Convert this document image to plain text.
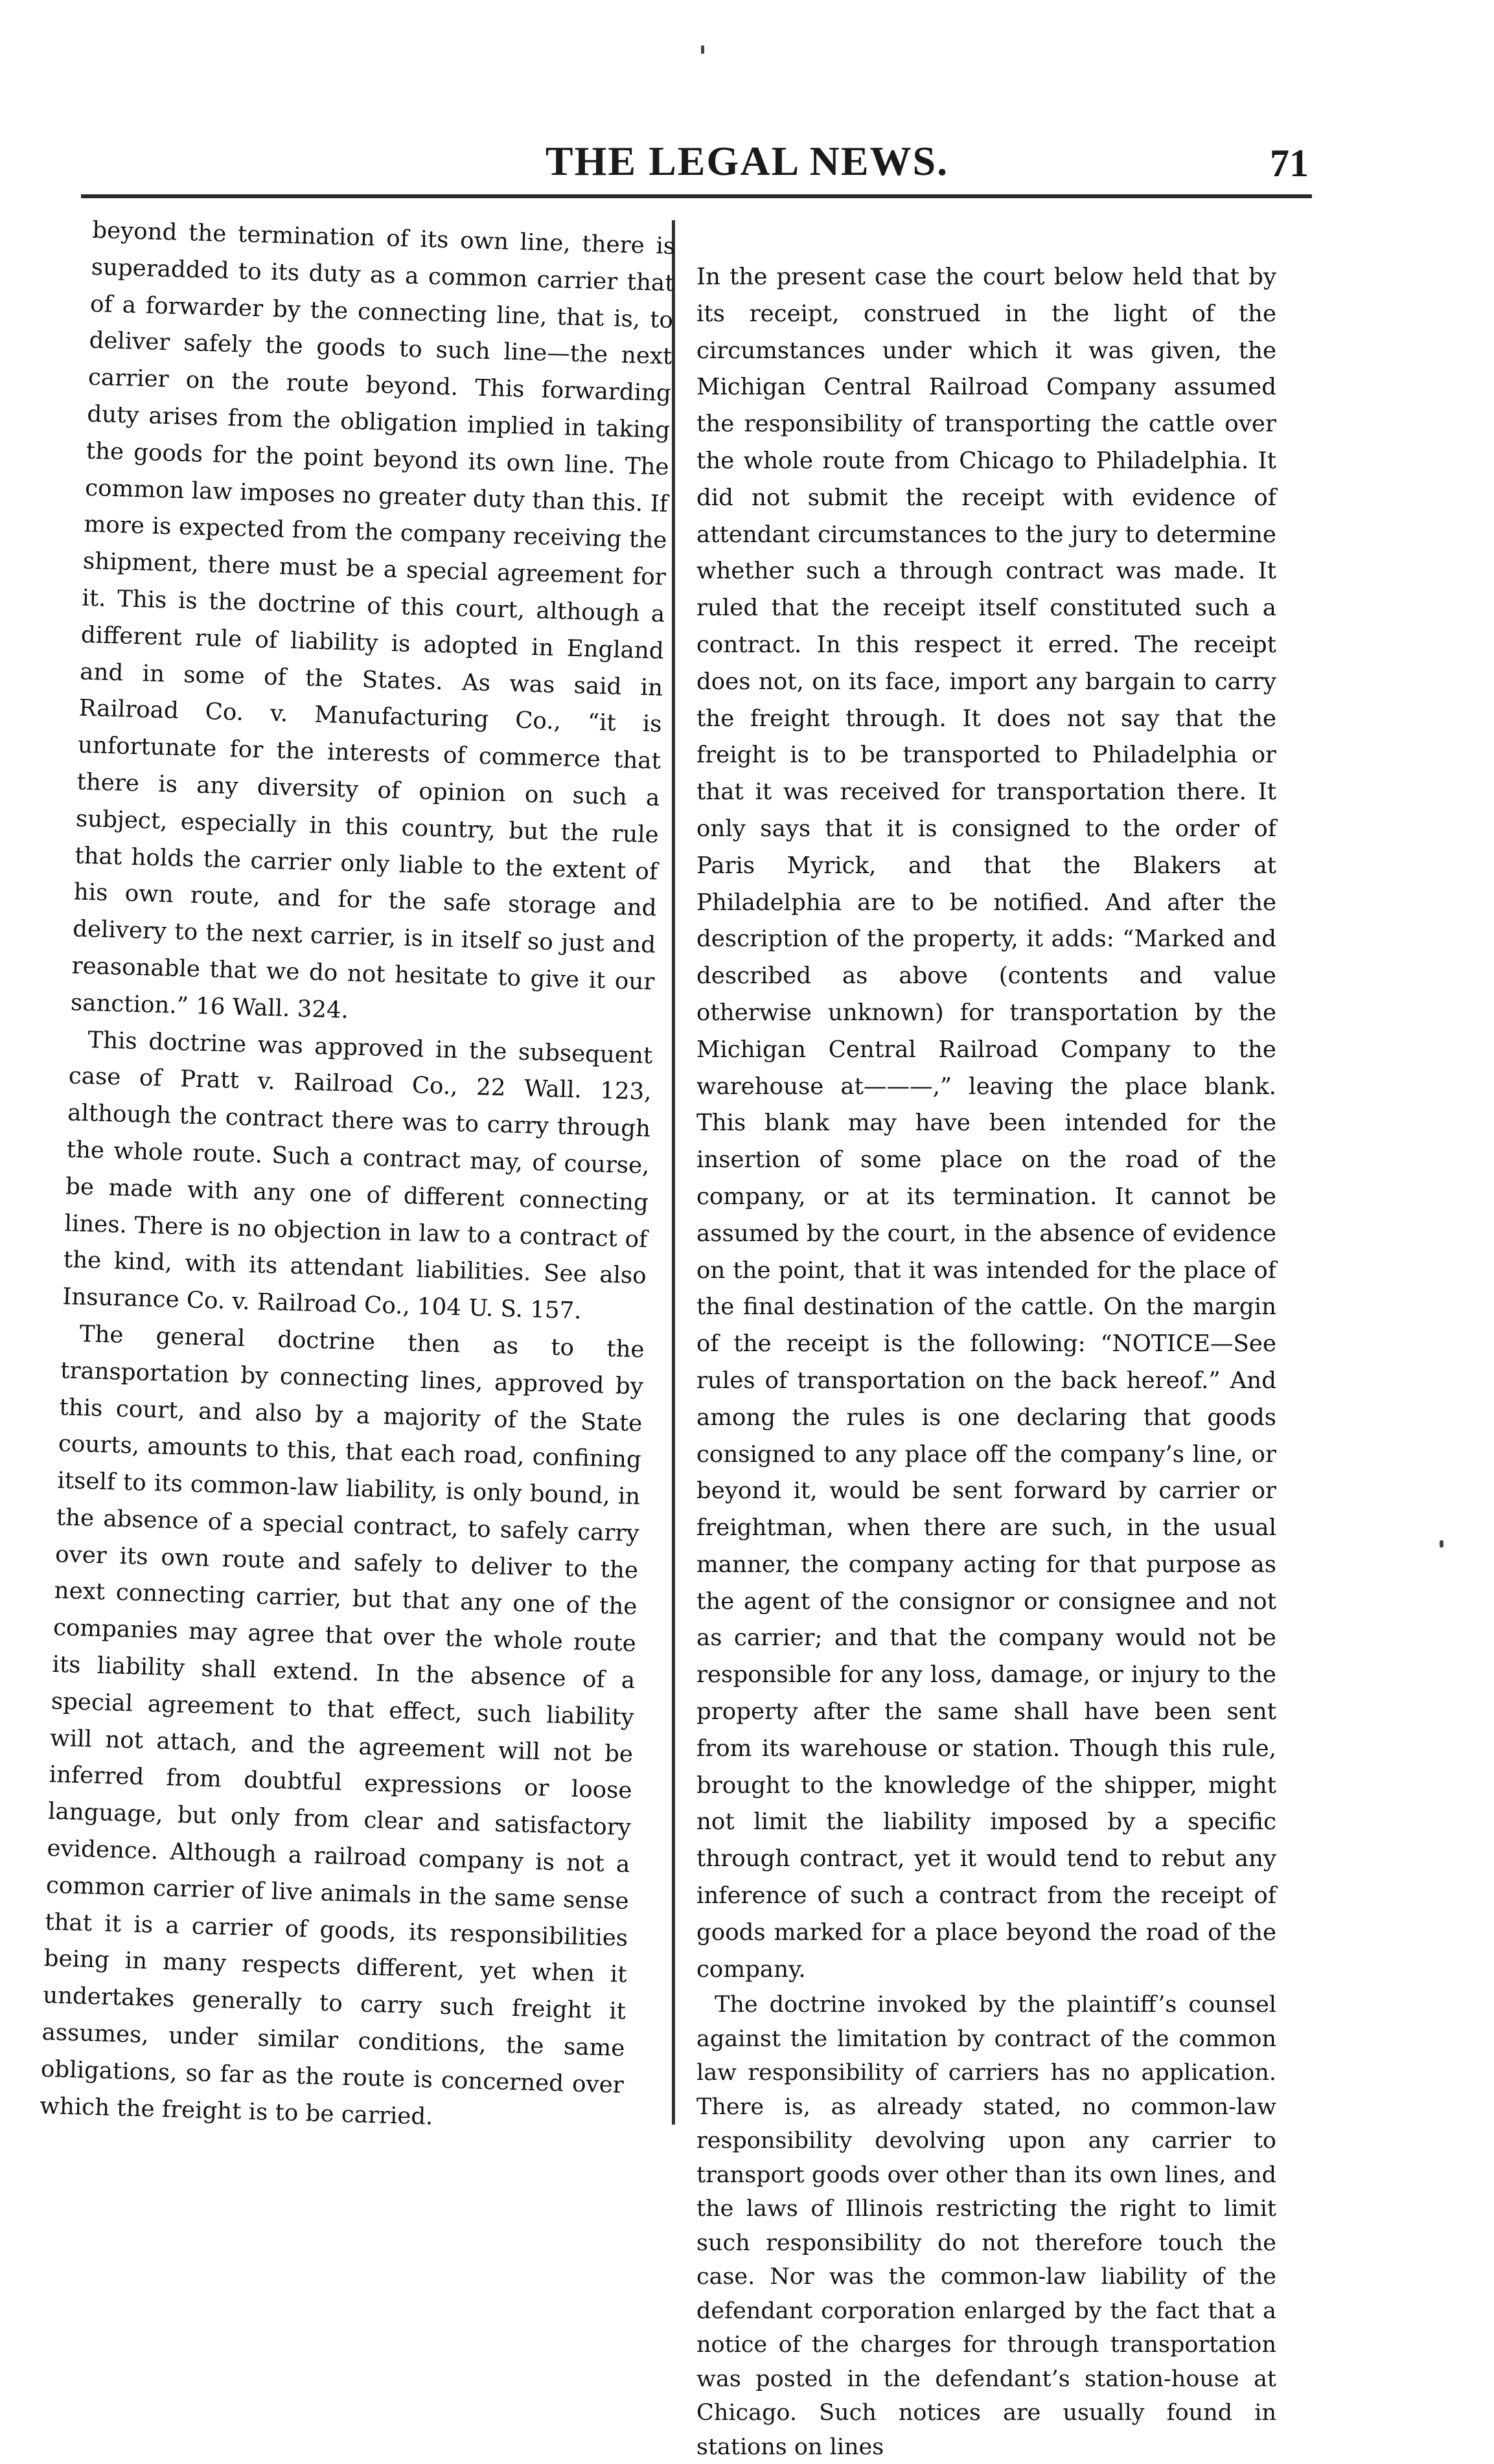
THE LEGAL NEWS.	71

beyond the termination of its own line, there is superadded to its duty as a common carrier that of a forwarder by the connecting line, that is, to deliver safely the goods to such line—the next carrier on the route beyond. This forwarding duty arises from the obligation implied in taking the goods for the point beyond its own line. The common law imposes no greater duty than this. If more is expected from the company receiving the shipment, there must be a special agreement for it. This is the doctrine of this court, although a different rule of liability is adopted in England and in some of the States. As was said in Railroad Co. v. Manufacturing Co., “it is unfortunate for the interests of commerce that there is any diversity of opinion on such a subject, especially in this country, but the rule that holds the carrier only liable to the extent of his own route, and for the safe storage and delivery to the next carrier, is in itself so just and reasonable that we do not hesitate to give it our sanction.” 16 Wall. 324.

This doctrine was approved in the subsequent case of Pratt v. Railroad Co., 22 Wall. 123, although the contract there was to carry through the whole route. Such a contract may, of course, be made with any one of different connecting lines. There is no objection in law to a contract of the kind, with its attendant liabilities. See also Insurance Co. v. Railroad Co., 104 U. S. 157.

The general doctrine then as to the transportation by connecting lines, approved by this court, and also by a majority of the State courts, amounts to this, that each road, confining itself to its common-law liability, is only bound, in the absence of a special contract, to safely carry over its own route and safely to deliver to the next connecting carrier, but that any one of the companies may agree that over the whole route its liability shall extend. In the absence of a special agreement to that effect, such liability will not attach, and the agreement will not be inferred from doubtful expressions or loose language, but only from clear and satisfactory evidence. Although a railroad company is not a common carrier of live animals in the same sense that it is a carrier of goods, its responsibilities being in many respects different, yet when it undertakes generally to carry such freight it assumes, under similar conditions, the same obligations, so far as the route is concerned over which the freight is to be carried.

In the present case the court below held that by its receipt, construed in the light of the circumstances under which it was given, the Michigan Central Railroad Company assumed the responsibility of transporting the cattle over the whole route from Chicago to Philadelphia. It did not submit the receipt with evidence of attendant circumstances to the jury to determine whether such a through contract was made. It ruled that the receipt itself constituted such a contract. In this respect it erred. The receipt does not, on its face, import any bargain to carry the freight through. It does not say that the freight is to be transported to Philadelphia or that it was received for transportation there. It only says that it is consigned to the order of Paris Myrick, and that the Blakers at Philadelphia are to be notified. And after the description of the property, it adds: “Marked and described as above (contents and value otherwise unknown) for transportation by the Michigan Central Railroad Company to the warehouse at———,” leaving the place blank. This blank may have been intended for the insertion of some place on the road of the company, or at its termination. It cannot be assumed by the court, in the absence of evidence on the point, that it was intended for the place of the final destination of the cattle. On the margin of the receipt is the following: “NOTICE—See rules of transportation on the back hereof.” And among the rules is one declaring that goods consigned to any place off the company’s line, or beyond it, would be sent forward by carrier or freightman, when there are such, in the usual manner, the company acting for that purpose as the agent of the consignor or consignee and not as carrier; and that the company would not be responsible for any loss, damage, or injury to the property after the same shall have been sent from its warehouse or station. Though this rule, brought to the knowledge of the shipper, might not limit the liability imposed by a specific through contract, yet it would tend to rebut any inference of such a contract from the receipt of goods marked for a place beyond the road of the company.

The doctrine invoked by the plaintiff’s counsel against the limitation by contract of the common law responsibility of carriers has no application. There is, as already stated, no common-law responsibility devolving upon any carrier to transport goods over other than its own lines, and the laws of Illinois restricting the right to limit such responsibility do not therefore touch the case. Nor was the common-law liability of the defendant corporation enlarged by the fact that a notice of the charges for through transportation was posted in the defendant’s station-house at Chicago. Such notices are usually found in stations on lines
